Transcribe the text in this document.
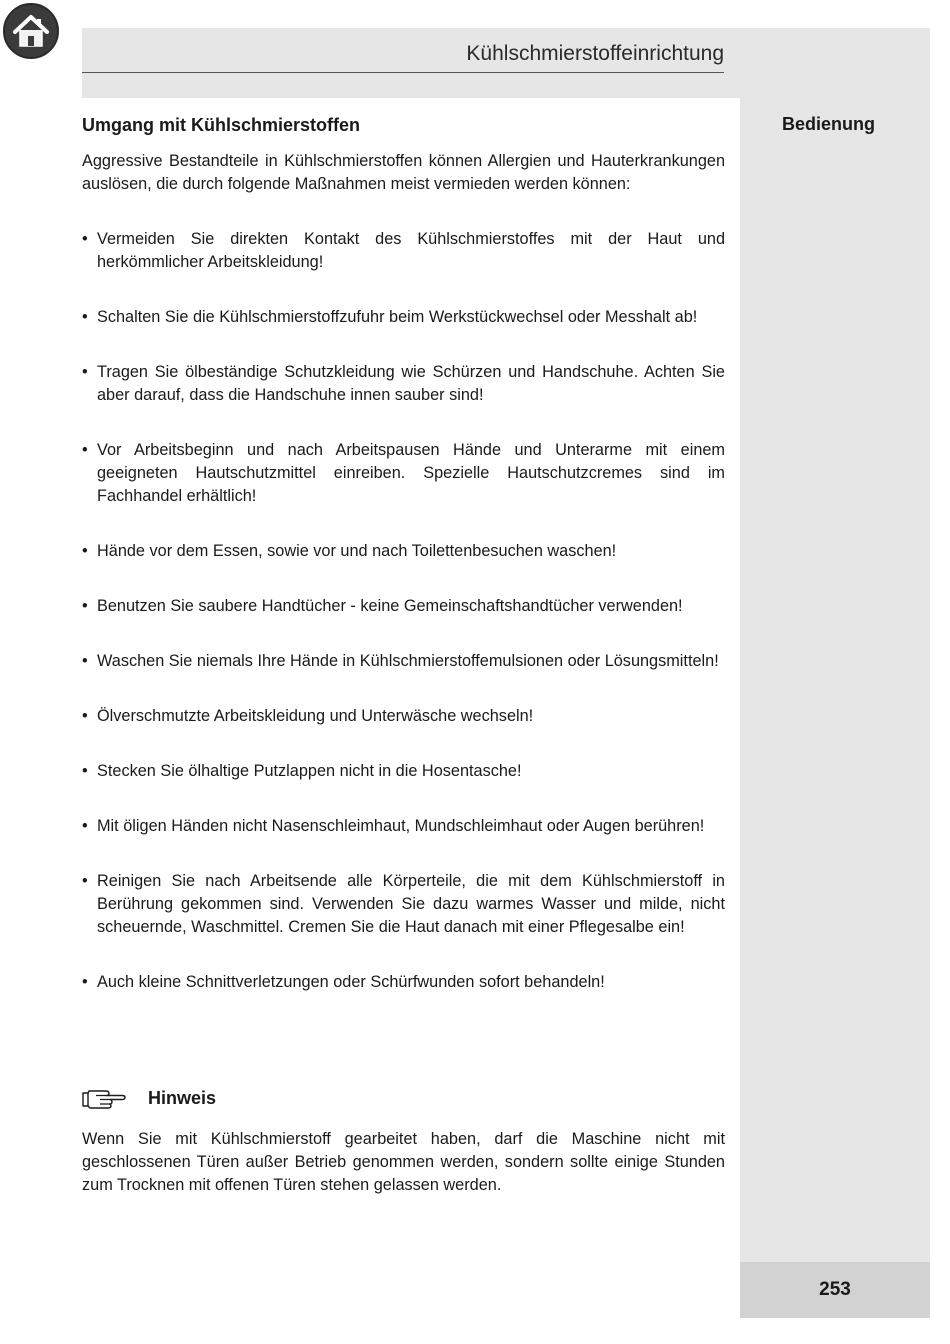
253
Kühlschmierstoffeinrichtung
Bedienung
Umgang mit Kühlschmierstoffen

Aggressive Bestandteile in Kühlschmierstoffen können Allergien und Hauterkrankungen auslösen, die durch folgende Maßnahmen meist vermieden werden können:

• Vermeiden Sie direkten Kontakt des Kühlschmierstoffes mit der Haut und herkömmlicher Arbeitskleidung!
• Schalten Sie die Kühlschmierstoffzufuhr beim Werkstückwechsel oder Messhalt ab!
• Tragen Sie ölbeständige Schutzkleidung wie Schürzen und Handschuhe. Achten Sie aber darauf, dass die Handschuhe innen sauber sind!
• Vor Arbeitsbeginn und nach Arbeitspausen Hände und Unterarme mit einem geeigneten Hautschutzmittel einreiben. Spezielle Hautschutzcremes sind im Fachhandel erhältlich!
• Hände vor dem Essen, sowie vor und nach Toilettenbesuchen waschen!
• Benutzen Sie saubere Handtücher - keine Gemeinschaftshandtücher verwenden!
• Waschen Sie niemals Ihre Hände in Kühlschmierstoffemulsionen oder Lösungsmitteln!
• Ölverschmutzte Arbeitskleidung und Unterwäsche wechseln!
• Stecken Sie ölhaltige Putzlappen nicht in die Hosentasche!
• Mit öligen Händen nicht Nasenschleimhaut, Mundschleimhaut oder Augen berühren!
• Reinigen Sie nach Arbeitsende alle Körperteile, die mit dem Kühlschmierstoff in Berührung gekommen sind. Verwenden Sie dazu warmes Wasser und milde, nicht scheuernde, Waschmittel. Cremen Sie die Haut danach mit einer Pflegesalbe ein!
• Auch kleine Schnittverletzungen oder Schürfwunden sofort behandeln!
Hinweis

Wenn Sie mit Kühlschmierstoff gearbeitet haben, darf die Maschine nicht mit geschlossenen Türen außer Betrieb genommen werden, sondern sollte einige Stunden zum Trocknen mit offenen Türen stehen gelassen werden.
